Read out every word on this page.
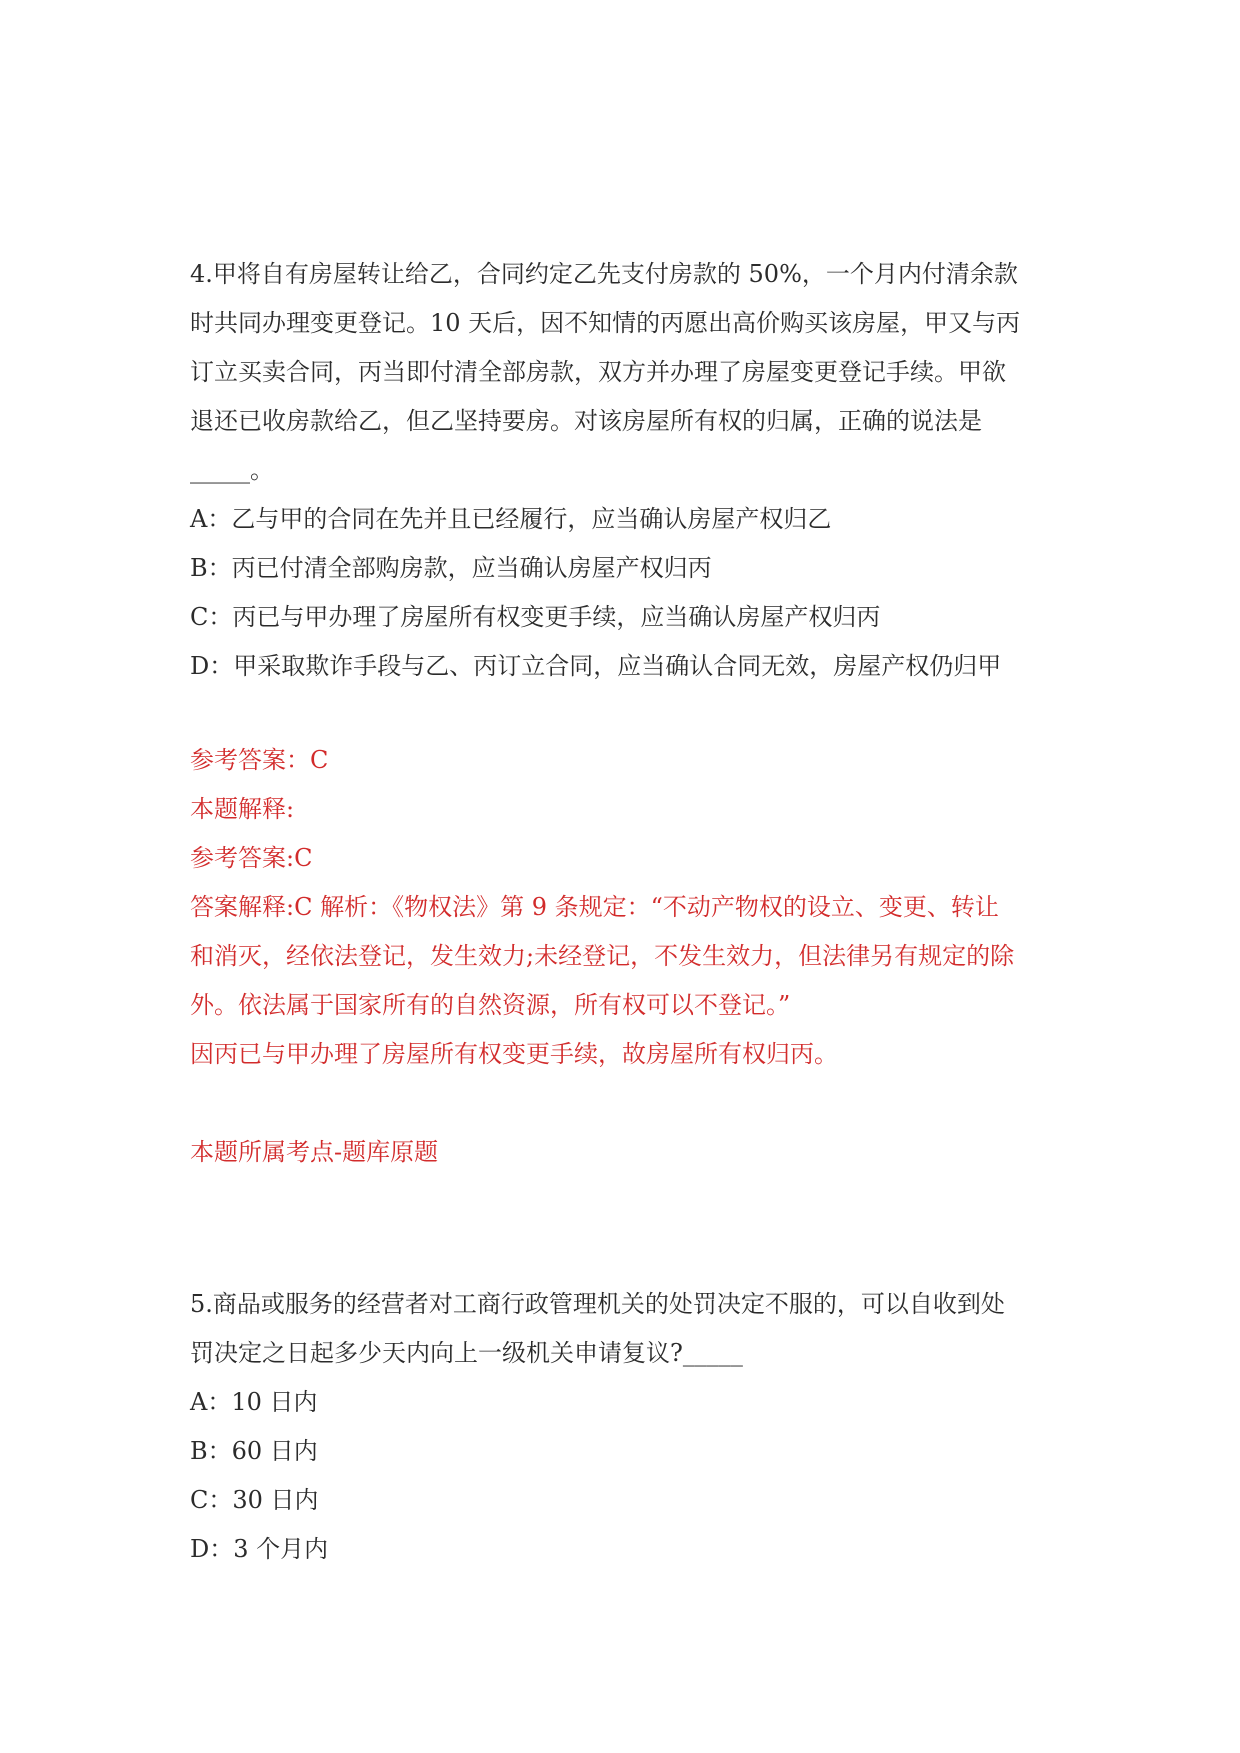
4.甲将自有房屋转让给乙，合同约定乙先支付房款的 50%，一个月内付清余款
时共同办理变更登记。10 天后，因不知情的丙愿出高价购买该房屋，甲又与丙
订立买卖合同，丙当即付清全部房款，双方并办理了房屋变更登记手续。甲欲
退还已收房款给乙，但乙坚持要房。对该房屋所有权的归属，正确的说法是
_____。
A：乙与甲的合同在先并且已经履行，应当确认房屋产权归乙
B：丙已付清全部购房款，应当确认房屋产权归丙
C：丙已与甲办理了房屋所有权变更手续，应当确认房屋产权归丙
D：甲采取欺诈手段与乙、丙订立合同，应当确认合同无效，房屋产权仍归甲
参考答案：C
本题解释:
参考答案:C
答案解释:C 解析：《物权法》第 9 条规定：“不动产物权的设立、变更、转让
和消灭，经依法登记，发生效力;未经登记，不发生效力，但法律另有规定的除
外。依法属于国家所有的自然资源，所有权可以不登记。”
因丙已与甲办理了房屋所有权变更手续，故房屋所有权归丙。
本题所属考点-题库原题
5.商品或服务的经营者对工商行政管理机关的处罚决定不服的，可以自收到处
罚决定之日起多少天内向上一级机关申请复议?_____
A：10 日内
B：60 日内
C：30 日内
D：3 个月内
